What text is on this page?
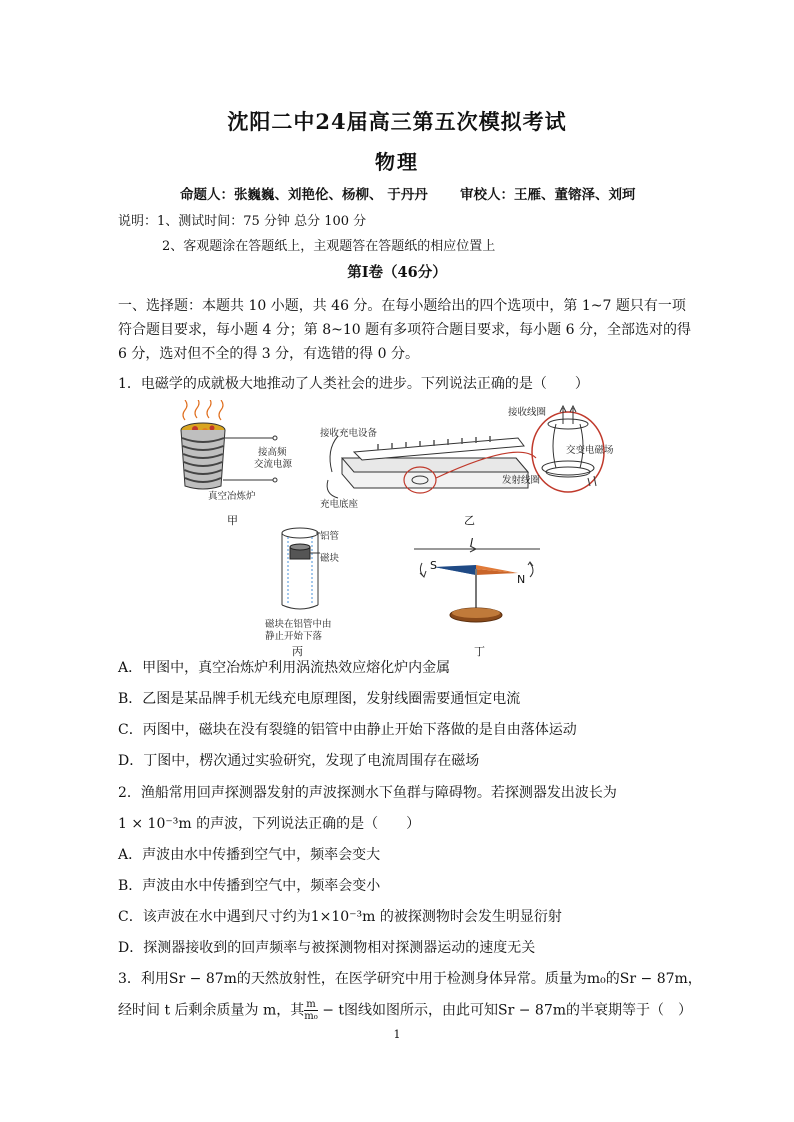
沈阳二中24届高三第五次模拟考试
物理
命题人：张巍巍、刘艳伦、杨柳、 于丹丹 审校人：王雁、董镕泽、刘珂
说明：1、测试时间：75 分钟 总分 100 分
2、客观题涂在答题纸上，主观题答在答题纸的相应位置上
第Ⅰ卷（46分）
一、选择题：本题共 10 小题，共 46 分。在每小题给出的四个选项中，第 1~7 题只有一项
符合题目要求，每小题 4 分；第 8~10 题有多项符合题目要求，每小题 6 分，全部选对的得
6 分，选对但不全的得 3 分，有选错的得 0 分。
1．电磁学的成就极大地推动了人类社会的进步。下列说法正确的是（　　）
接高频
交流电源
真空冶炼炉
甲
接收充电设备
充电底座
接收线圈
交变电磁场
发射线圈
乙
铝管
磁块
磁块在铝管中由
静止开始下落
丙
I
S
N
丁
A．甲图中，真空冶炼炉利用涡流热效应熔化炉内金属
B．乙图是某品牌手机无线充电原理图，发射线圈需要通恒定电流
C．丙图中，磁块在没有裂缝的铝管中由静止开始下落做的是自由落体运动
D．丁图中，楞次通过实验研究，发现了电流周围存在磁场
2．渔船常用回声探测器发射的声波探测水下鱼群与障碍物。若探测器发出波长为
1 × 10⁻³m 的声波，下列说法正确的是（　　）
A．声波由水中传播到空气中，频率会变大
B．声波由水中传播到空气中，频率会变小
C．该声波在水中遇到尺寸约为1×10⁻³m 的被探测物时会发生明显衍射
D．探测器接收到的回声频率与被探测物相对探测器运动的速度无关
3．利用Sr − 87m的天然放射性，在医学研究中用于检测身体异常。质量为m₀的Sr − 87m，
经时间 t 后剩余质量为 m，其 $\frac{m}{\text{m₀}} - t$图线如图所示，由此可知Sr − 87m的半衰期等于（　）
1
